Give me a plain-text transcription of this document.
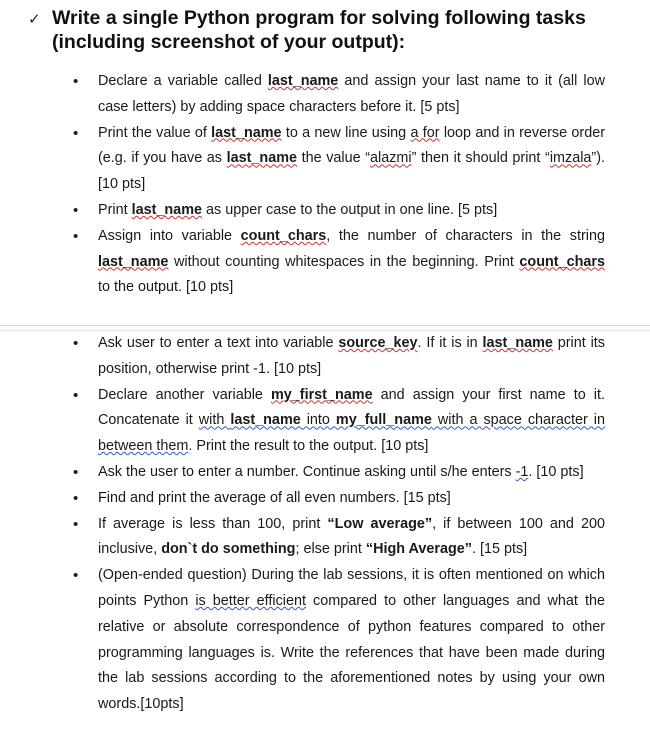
✓ Write a single Python program for solving following tasks (including screenshot of your output):
• Declare a variable called last_name and assign your last name to it (all low case letters) by adding space characters before it. [5 pts]
• Print the value of last_name to a new line using a for loop and in reverse order (e.g. if you have as last_name the value “alazmi” then it should print “imzala”). [10 pts]
• Print last_name as upper case to the output in one line. [5 pts]
• Assign into variable count_chars, the number of characters in the string last_name without counting whitespaces in the beginning. Print count_chars to the output. [10 pts]
• Ask user to enter a text into variable source_key. If it is in last_name print its position, otherwise print -1. [10 pts]
• Declare another variable my_first_name and assign your first name to it. Concatenate it with last_name into my_full_name with a space character in between them. Print the result to the output. [10 pts]
• Ask the user to enter a number. Continue asking until s/he enters -1. [10 pts]
• Find and print the average of all even numbers. [15 pts]
• If average is less than 100, print “Low average”, if between 100 and 200 inclusive, don`t do something; else print “High Average”. [15 pts]
• (Open-ended question) During the lab sessions, it is often mentioned on which points Python is better efficient compared to other languages and what the relative or absolute correspondence of python features compared to other programming languages is. Write the references that have been made during the lab sessions according to the aforementioned notes by using your own words.[10pts]
